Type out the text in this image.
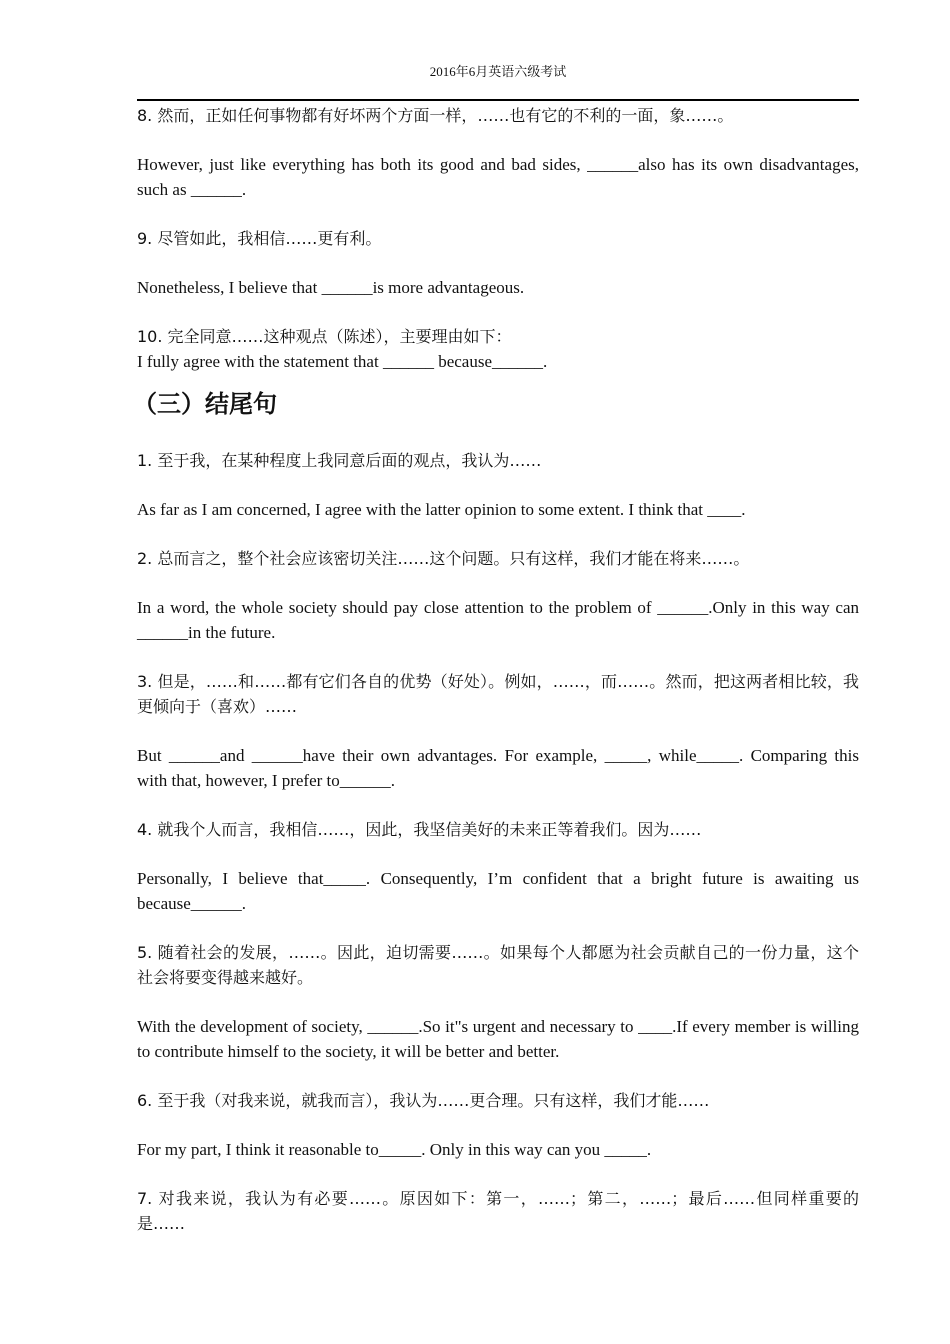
2016年6月英语六级考试

8. 然而，正如任何事物都有好坏两个方面一样，……也有它的不利的一面，象……。

However, just like everything has both its good and bad sides, ______also has its own disadvantages, such as ______.

9. 尽管如此，我相信……更有利。

Nonetheless, I believe that ______is more advantageous.

10. 完全同意……这种观点（陈述），主要理由如下：

I fully agree with the statement that ______ because______.

（三）结尾句

1. 至于我，在某种程度上我同意后面的观点，我认为……

As far as I am concerned, I agree with the latter opinion to some extent. I think that ____.

2. 总而言之，整个社会应该密切关注……这个问题。只有这样，我们才能在将来……。

In a word, the whole society should pay close attention to the problem of ______.Only in this way can ______in the future.

3. 但是，……和……都有它们各自的优势（好处）。例如，……，而……。然而，把这两者相比较，我更倾向于（喜欢）……

But ______and ______have their own advantages. For example, _____, while_____. Comparing this with that, however, I prefer to______.

4. 就我个人而言，我相信……，因此，我坚信美好的未来正等着我们。因为……

Personally, I believe that_____. Consequently, I’m confident that a bright future is awaiting us because______.

5. 随着社会的发展，……。因此，迫切需要……。如果每个人都愿为社会贡献自己的一份力量，这个社会将要变得越来越好。

With the development of society, ______.So it"s urgent and necessary to ____.If every member is willing to contribute himself to the society, it will be better and better.

6. 至于我（对我来说，就我而言），我认为……更合理。只有这样，我们才能……

For my part, I think it reasonable to_____. Only in this way can you _____.

7. 对我来说，我认为有必要……。原因如下：第一，……；第二，……；最后……但同样重要的是……
